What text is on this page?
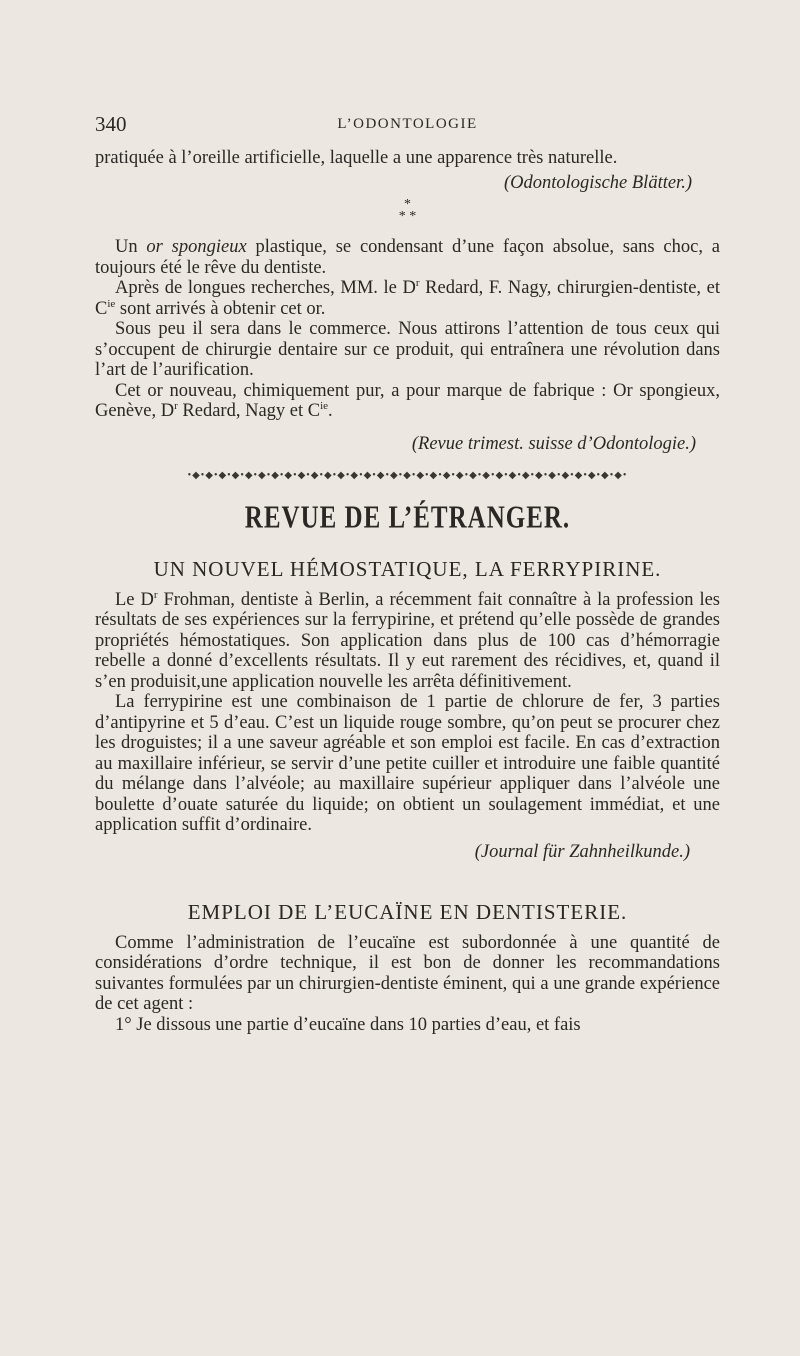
340	L’ODONTOLOGIE

pratiquée à l’oreille artificielle, laquelle a une apparence très naturelle.

(Odontologische Blätter.)

*
* *

Un or spongieux plastique, se condensant d’une façon absolue, sans choc, a toujours été le rêve du dentiste.

Après de longues recherches, MM. le $D^r$ Redard, F. Nagy, chirurgien-dentiste, et $C^{ie}$ sont arrivés à obtenir cet or.

Sous peu il sera dans le commerce. Nous attirons l’attention de tous ceux qui s’occupent de chirurgie dentaire sur ce produit, qui entraînera une révolution dans l’art de l’aurification.

Cet or nouveau, chimiquement pur, a pour marque de fabrique : Or spongieux, Genève, $D^r$ Redard, Nagy et $C^{ie}$.

(Revue trimest. suisse d’Odontologie.)

•◆•◆•◆•◆•◆•◆•◆•◆•◆•◆•◆•◆•◆•◆•◆•◆•◆•◆•◆•◆•◆•◆•◆•◆•◆•◆•◆•◆•◆•◆•◆•◆•◆•
REVUE DE L’ÉTRANGER.
UN NOUVEL HÉMOSTATIQUE, LA FERRYPIRINE.

Le $D^r$ Frohman, dentiste à Berlin, a récemment fait connaître à la profession les résultats de ses expériences sur la ferrypirine, et prétend qu’elle possède de grandes propriétés hémostatiques. Son application dans plus de 100 cas d’hémorragie rebelle a donné d’excellents résultats. Il y eut rarement des récidives, et, quand il s’en produisit,une application nouvelle les arrêta définitivement.

La ferrypirine est une combinaison de 1 partie de chlorure de fer, 3 parties d’antipyrine et 5 d’eau. C’est un liquide rouge sombre, qu’on peut se procurer chez les droguistes; il a une saveur agréable et son emploi est facile. En cas d’extraction au maxillaire inférieur, se servir d’une petite cuiller et introduire une faible quantité du mélange dans l’alvéole; au maxillaire supérieur appliquer dans l’alvéole une boulette d’ouate saturée du liquide; on obtient un soulagement immédiat, et une application suffit d’ordinaire.

(Journal für Zahnheilkunde.)

EMPLOI DE L’EUCAÏNE EN DENTISTERIE.

Comme l’administration de l’eucaïne est subordonnée à une quantité de considérations d’ordre technique, il est bon de donner les recommandations suivantes formulées par un chirurgien-dentiste éminent, qui a une grande expérience de cet agent :

1° Je dissous une partie d’eucaïne dans 10 parties d’eau, et fais
